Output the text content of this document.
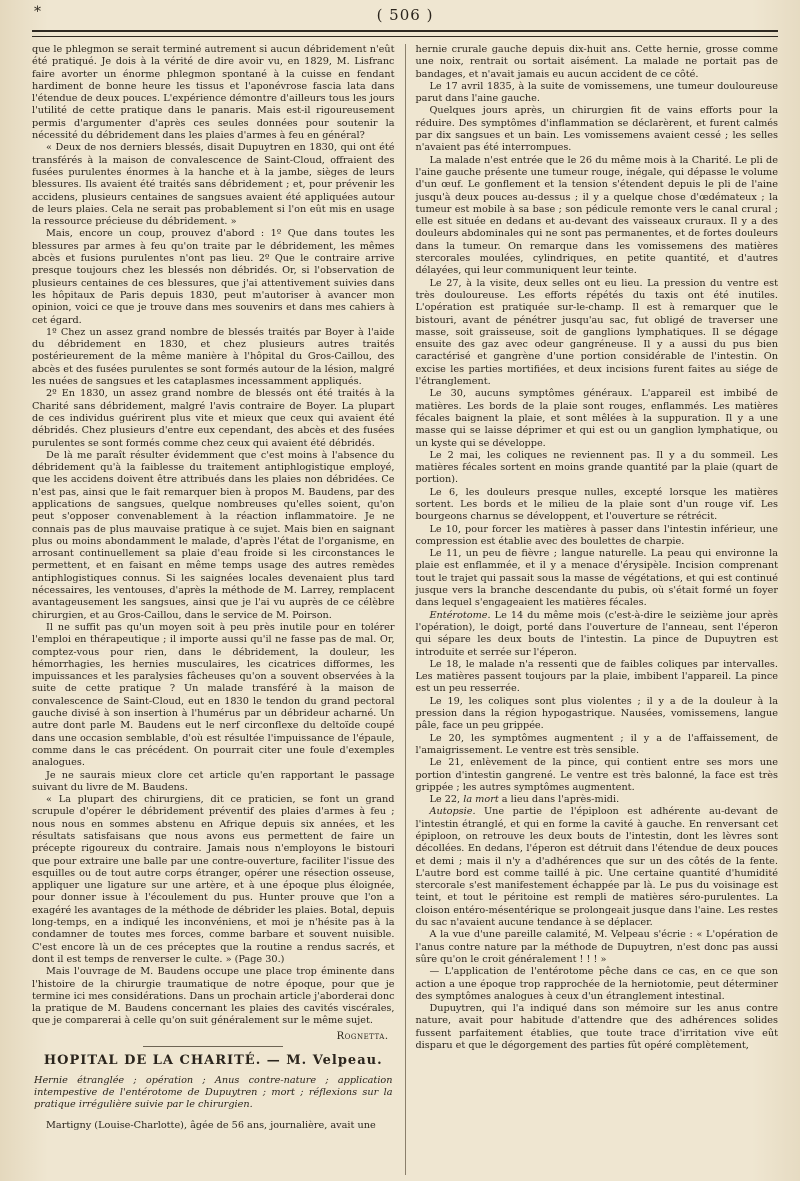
*	( 506 )

que le phlegmon se serait terminé autrement si aucun débridement n'eût été pratiqué. Je dois à la vérité de dire avoir vu, en 1829, M. Lisfranc faire avorter un énorme phlegmon spontané à la cuisse en fendant hardiment de bonne heure les tissus et l'aponévrose fascia lata dans l'étendue de deux pouces. L'expérience démontre d'ailleurs tous les jours l'utilité de cette pratique dans le panaris. Mais est-il rigoureusement permis d'argumenter d'après ces seules données pour soutenir la nécessité du débridement dans les plaies d'armes à feu en général?

« Deux de nos derniers blessés, disait Dupuytren en 1830, qui ont été transférés à la maison de convalescence de Saint-Cloud, offraient des fusées purulentes énormes à la hanche et à la jambe, sièges de leurs blessures. Ils avaient été traités sans débridement ; et, pour prévenir les accidens, plusieurs centaines de sangsues avaient été appliquées autour de leurs plaies. Cela ne serait pas probablement si l'on eût mis en usage la ressource précieuse du débridement. »

Mais, encore un coup, prouvez d'abord : 1º Que dans toutes les blessures par armes à feu qu'on traite par le débridement, les mêmes abcès et fusions purulentes n'ont pas lieu. 2º Que le contraire arrive presque toujours chez les blessés non débridés. Or, si l'observation de plusieurs centaines de ces blessures, que j'ai attentivement suivies dans les hôpitaux de Paris depuis 1830, peut m'autoriser à avancer mon opinion, voici ce que je trouve dans mes souvenirs et dans mes cahiers à cet égard.

1º Chez un assez grand nombre de blessés traités par Boyer à l'aide du débridement en 1830, et chez plusieurs autres traités postérieurement de la même manière à l'hôpital du Gros-Caillou, des abcès et des fusées purulentes se sont formés autour de la lésion, malgré les nuées de sangsues et les cataplasmes incessamment appliqués.

2º En 1830, un assez grand nombre de blessés ont été traités à la Charité sans débridement, malgré l'avis contraire de Boyer. La plupart de ces individus guérirent plus vite et mieux que ceux qui avaient été débridés. Chez plusieurs d'entre eux cependant, des abcès et des fusées purulentes se sont formés comme chez ceux qui avaient été débridés.

De là me paraît résulter évidemment que c'est moins à l'absence du débridement qu'à la faiblesse du traitement antiphlogistique employé, que les accidens doivent être attribués dans les plaies non débridées. Ce n'est pas, ainsi que le fait remarquer bien à propos M. Baudens, par des applications de sangsues, quelque nombreuses qu'elles soient, qu'on peut s'opposer convenablement à la réaction inflammatoire. Je ne connais pas de plus mauvaise pratique à ce sujet. Mais bien en saignant plus ou moins abondamment le malade, d'après l'état de l'organisme, en arrosant continuellement sa plaie d'eau froide si les circonstances le permettent, et en faisant en même temps usage des autres remèdes antiphlogistiques connus. Si les saignées locales devenaient plus tard nécessaires, les ventouses, d'après la méthode de M. Larrey, remplacent avantageusement les sangsues, ainsi que je l'ai vu auprès de ce célèbre chirurgien, et au Gros-Caillou, dans le service de M. Poirson.

Il ne suffit pas qu'un moyen soit à peu près inutile pour en tolérer l'emploi en thérapeutique ; il importe aussi qu'il ne fasse pas de mal. Or, comptez-vous pour rien, dans le débridement, la douleur, les hémorrhagies, les hernies musculaires, les cicatrices difformes, les impuissances et les paralysies fâcheuses qu'on a souvent observées à la suite de cette pratique ? Un malade transféré à la maison de convalescence de Saint-Cloud, eut en 1830 le tendon du grand pectoral gauche divisé à son insertion à l'humérus par un débrideur acharné. Un autre dont parle M. Baudens eut le nerf circonflexe du deltoïde coupé dans une occasion semblable, d'où est résultée l'impuissance de l'épaule, comme dans le cas précédent. On pourrait citer une foule d'exemples analogues.

Je ne saurais mieux clore cet article qu'en rapportant le passage suivant du livre de M. Baudens.

« La plupart des chirurgiens, dit ce praticien, se font un grand scrupule d'opérer le débridement préventif des plaies d'armes à feu ; nous nous en sommes abstenu en Afrique depuis six années, et les résultats satisfaisans que nous avons eus permettent de faire un précepte rigoureux du contraire. Jamais nous n'employons le bistouri que pour extraire une balle par une contre-ouverture, faciliter l'issue des esquilles ou de tout autre corps étranger, opérer une résection osseuse, appliquer une ligature sur une artère, et à une époque plus éloignée, pour donner issue à l'écoulement du pus. Hunter prouve que l'on a exagéré les avantages de la méthode de débrider les plaies. Botal, depuis long-temps, en a indiqué les inconvéniens, et moi je n'hésite pas à la condamner de toutes mes forces, comme barbare et souvent nuisible. C'est encore là un de ces préceptes que la routine a rendus sacrés, et dont il est temps de renverser le culte. » (Page 30.)

Mais l'ouvrage de M. Baudens occupe une place trop éminente dans l'histoire de la chirurgie traumatique de notre époque, pour que je termine ici mes considérations. Dans un prochain article j'aborderai donc la pratique de M. Baudens concernant les plaies des cavités viscérales, que je comparerai à celle qu'on suit généralement sur le même sujet.

Rognetta.
HOPITAL DE LA CHARITÉ. — M. Velpeau.
Hernie étranglée ; opération ; Anus contre-nature ; application intempestive de l'entérotome de Dupuytren ; mort ; réflexions sur la pratique irrégulière suivie par le chirurgien.

Martigny (Louise-Charlotte), âgée de 56 ans, journalière, avait une

hernie crurale gauche depuis dix-huit ans. Cette hernie, grosse comme une noix, rentrait ou sortait aisément. La malade ne portait pas de bandages, et n'avait jamais eu aucun accident de ce côté.

Le 17 avril 1835, à la suite de vomissemens, une tumeur douloureuse parut dans l'aine gauche.

Quelques jours après, un chirurgien fit de vains efforts pour la réduire. Des symptômes d'inflammation se déclarèrent, et furent calmés par dix sangsues et un bain. Les vomissemens avaient cessé ; les selles n'avaient pas été interrompues.

La malade n'est entrée que le 26 du même mois à la Charité. Le pli de l'aine gauche présente une tumeur rouge, inégale, qui dépasse le volume d'un œuf. Le gonflement et la tension s'étendent depuis le pli de l'aine jusqu'à deux pouces au-dessus ; il y a quelque chose d'œdémateux ; la tumeur est mobile à sa base ; son pédicule remonte vers le canal crural ; elle est située en dedans et au-devant des vaisseaux cruraux. Il y a des douleurs abdominales qui ne sont pas permanentes, et de fortes douleurs dans la tumeur. On remarque dans les vomissemens des matières stercorales moulées, cylindriques, en petite quantité, et d'autres délayées, qui leur communiquent leur teinte.

Le 27, à la visite, deux selles ont eu lieu. La pression du ventre est très douloureuse. Les efforts répétés du taxis ont été inutiles. L'opération est pratiquée sur-le-champ. Il est à remarquer que le bistouri, avant de pénétrer jusqu'au sac, fut obligé de traverser une masse, soit graisseuse, soit de ganglions lymphatiques. Il se dégage ensuite des gaz avec odeur gangréneuse. Il y a aussi du pus bien caractérisé et gangrène d'une portion considérable de l'intestin. On excise les parties mortifiées, et deux incisions furent faites au siége de l'étranglement.

Le 30, aucuns symptômes généraux. L'appareil est imbibé de matières. Les bords de la plaie sont rouges, enflammés. Les matières fécales baignent la plaie, et sont mêlées à la suppuration. Il y a une masse qui se laisse déprimer et qui est ou un ganglion lymphatique, ou un kyste qui se développe.

Le 2 mai, les coliques ne reviennent pas. Il y a du sommeil. Les matières fécales sortent en moins grande quantité par la plaie (quart de portion).

Le 6, les douleurs presque nulles, excepté lorsque les matières sortent. Les bords et le milieu de la plaie sont d'un rouge vif. Les bourgeons charnus se développent, et l'ouverture se rétrécit.

Le 10, pour forcer les matières à passer dans l'intestin inférieur, une compression est établie avec des boulettes de charpie.

Le 11, un peu de fièvre ; langue naturelle. La peau qui environne la plaie est enflammée, et il y a menace d'érysipèle. Incision comprenant tout le trajet qui passait sous la masse de végétations, et qui est continué jusque vers la branche descendante du pubis, où s'était formé un foyer dans lequel s'engageaient les matières fécales.

Entérotome. Le 14 du même mois (c'est-à-dire le seizième jour après l'opération), le doigt, porté dans l'ouverture de l'anneau, sent l'éperon qui sépare les deux bouts de l'intestin. La pince de Dupuytren est introduite et serrée sur l'éperon.

Le 18, le malade n'a ressenti que de faibles coliques par intervalles. Les matières passent toujours par la plaie, imbibent l'appareil. La pince est un peu resserrée.

Le 19, les coliques sont plus violentes ; il y a de la douleur à la pression dans la région hypogastrique. Nausées, vomissemens, langue pâle, face un peu grippée.

Le 20, les symptômes augmentent ; il y a de l'affaissement, de l'amaigrissement. Le ventre est très sensible.

Le 21, enlèvement de la pince, qui contient entre ses mors une portion d'intestin gangrené. Le ventre est très balonné, la face est très grippée ; les autres symptômes augmentent.

Le 22, la mort a lieu dans l'après-midi.

Autopsie. Une partie de l'épiploon est adhérente au-devant de l'intestin étranglé, et qui en forme la cavité à gauche. En renversant cet épiploon, on retrouve les deux bouts de l'intestin, dont les lèvres sont décollées. En dedans, l'éperon est détruit dans l'étendue de deux pouces et demi ; mais il n'y a d'adhérences que sur un des côtés de la fente. L'autre bord est comme taillé à pic. Une certaine quantité d'humidité stercorale s'est manifestement échappée par là. Le pus du voisinage est teint, et tout le péritoine est rempli de matières séro-purulentes. La cloison entéro-mésentérique se prolongeait jusque dans l'aine. Les restes du sac n'avaient aucune tendance à se déplacer.

A la vue d'une pareille calamité, M. Velpeau s'écrie : « L'opération de l'anus contre nature par la méthode de Dupuytren, n'est donc pas aussi sûre qu'on le croit généralement ! ! ! »

— L'application de l'entérotome pêche dans ce cas, en ce que son action a une époque trop rapprochée de la herniotomie, peut déterminer des symptômes analogues à ceux d'un étranglement intestinal.

Dupuytren, qui l'a indiqué dans son mémoire sur les anus contre nature, avait pour habitude d'attendre que des adhérences solides fussent parfaitement établies, que toute trace d'irritation vive eût disparu et que le dégorgement des parties fût opéré complètement,
